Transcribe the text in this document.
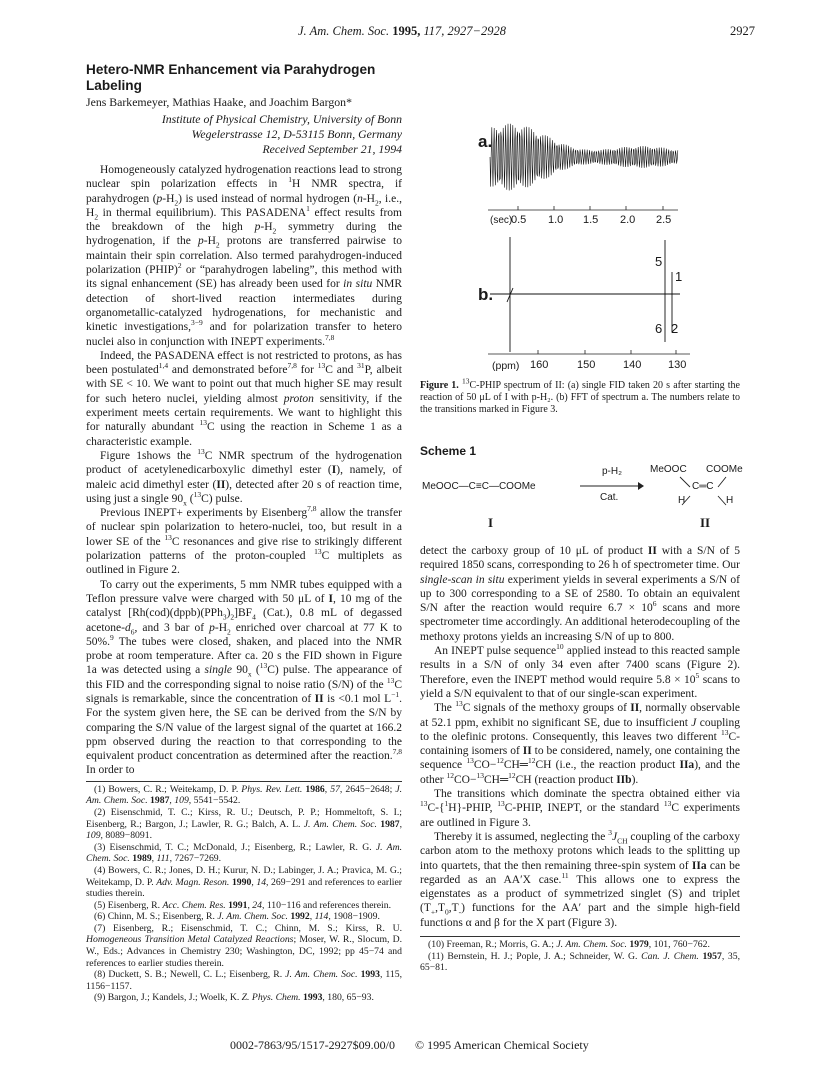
J. Am. Chem. Soc. 1995, 117, 2927−2928	2927
Hetero-NMR Enhancement via Parahydrogen Labeling

Jens Barkemeyer, Mathias Haake, and Joachim Bargon*

Institute of Physical Chemistry, University of Bonn
Wegelerstrasse 12, D-53115 Bonn, Germany

Received September 21, 1994

Homogeneously catalyzed hydrogenation reactions lead to strong nuclear spin polarization effects in $^1$H NMR spectra, if parahydrogen $(p-H_2)$ is used instead of normal hydrogen ($n-H_2$, i.e., $H_2$ in thermal equilibrium). This PASADENA$^1$ effect results from the breakdown of the high $p-H_2$ symmetry during the hydrogenation, if the $p-H_2$ protons are transferred pairwise to maintain their spin correlation. Also termed parahydrogen-induced polarization (PHIP)$^2$ or “parahydrogen labeling”, this method with its signal enhancement (SE) has already been used for in situ NMR detection of short-lived reaction intermediates during organometallic-catalyzed hydrogenations, for mechanistic and kinetic investigations,$^{3-9}$ and for polarization transfer to hetero nuclei also in conjunction with INEPT experiments.$^{7,8}$

Indeed, the PASADENA effect is not restricted to protons, as has been postulated$^{1,4}$ and demonstrated before$^{7,8}$ for $^{13}$C and $^{31}$P, albeit with SE < 10. We want to point out that much higher SE may result for such hetero nuclei, yielding almost proton sensitivity, if the experiment meets certain requirements. We want to highlight this for naturally abundant $^{13}$C using the reaction in Scheme 1 as a characteristic example.

Figure 1shows the $^{13}$C NMR spectrum of the hydrogenation product of acetylenedicarboxylic dimethyl ester (I), namely, of maleic acid dimethyl ester (II), detected after 20 s of reaction time, using just a single $90_x$ ($^{13}$C) pulse.

Previous INEPT+ experiments by Eisenberg$^{7,8}$ allow the transfer of nuclear spin polarization to hetero-nuclei, too, but result in a lower SE of the $^{13}$C resonances and give rise to strikingly different polarization patterns of the proton-coupled $^{13}$C multiplets as outlined in Figure 2.

To carry out the experiments, 5 mm NMR tubes equipped with a Teflon pressure valve were charged with 50 μL of I, 10 mg of the catalyst $[Rh(cod)(dppb)(PPh_3)_2]BF_4$ (Cat.), 0.8 mL of degassed acetone-$d_6$, and 3 bar of $p-H_2$ enriched over charcoal at 77 K to 50%.$^9$ The tubes were closed, shaken, and placed into the NMR probe at room temperature. After ca. 20 s the FID shown in Figure 1a was detected using a single $90_x$ ($^{13}$C) pulse. The appearance of this FID and the corresponding signal to noise ratio (S/N) of the $^{13}$C signals is remarkable, since the concentration of II is <0.1 mol $L^{-1}$. For the system given here, the SE can be derived from the S/N by comparing the S/N value of the largest signal of the quartet at 166.2 ppm observed during the reaction to that corresponding to the equivalent product concentration as determined after the reaction.$^{7,8}$ In order to

(1) Bowers, C. R.; Weitekamp, D. P. Phys. Rev. Lett. 1986, 57, 2645−2648; J. Am. Chem. Soc. 1987, 109, 5541−5542.

(2) Eisenschmid, T. C.; Kirss, R. U.; Deutsch, P. P.; Hommeltoft, S. I.; Eisenberg, R.; Bargon, J.; Lawler, R. G.; Balch, A. L. J. Am. Chem. Soc. 1987, 109, 8089−8091.

(3) Eisenschmid, T. C.; McDonald, J.; Eisenberg, R.; Lawler, R. G. J. Am. Chem. Soc. 1989, 111, 7267−7269.

(4) Bowers, C. R.; Jones, D. H.; Kurur, N. D.; Labinger, J. A.; Pravica, M. G.; Weitekamp, D. P. Adv. Magn. Reson. 1990, 14, 269−291 and references to earlier studies therein.

(5) Eisenberg, R. Acc. Chem. Res. 1991, 24, 110−116 and references therein.

(6) Chinn, M. S.; Eisenberg, R. J. Am. Chem. Soc. 1992, 114, 1908−1909.

(7) Eisenberg, R.; Eisenschmid, T. C.; Chinn, M. S.; Kirss, R. U. Homogeneous Transition Metal Catalyzed Reactions; Moser, W. R., Slocum, D. W., Eds.; Advances in Chemistry 230; Washington, DC, 1992; pp 45−74 and references to earlier studies therein.

(8) Duckett, S. B.; Newell, C. L.; Eisenberg, R. J. Am. Chem. Soc. 1993, 115, 1156−1157.

(9) Bargon, J.; Kandels, J.; Woelk, K. Z. Phys. Chem. 1993, 180, 65−93.

a.
b.
(sec)
0.5 1.0 1.5 2.0 2.5
5
1
6 2
(ppm) 160	150	140 130

Figure 1. $^{13}$C-PHIP spectrum of II: (a) single FID taken 20 s after starting the reaction of 50 μL of I with p-H₂. (b) FFT of spectrum a. The numbers relate to the transitions marked in Figure 3.

Scheme 1
MeOOC—C≡C—COOMe
p-H₂
Cat.
MeOOC COOMe
C═C
H	H
I	II

detect the carboxy group of 10 μL of product II with a S/N of 5 required 1850 scans, corresponding to 26 h of spectrometer time. Our single-scan in situ experiment yields in several experiments a S/N of up to 300 corresponding to a SE of 2580. To obtain an equivalent S/N after the reaction would require $6.7 \times 10^6$ scans and more spectrometer time accordingly. An additional heterodecoupling of the methoxy protons yields an increasing S/N of up to 800.

An INEPT pulse sequence$^{10}$ applied instead to this reacted sample results in a S/N of only 34 even after 7400 scans (Figure 2). Therefore, even the INEPT method would require $5.8 \times 10^5$ scans to yield a S/N equivalent to that of our single-scan experiment.

The $^{13}$C signals of the methoxy groups of II, normally observable at 52.1 ppm, exhibit no significant SE, due to insufficient J coupling to the olefinic protons. Consequently, this leaves two different $^{13}$C-containing isomers of II to be considered, namely, one containing the sequence $^{13}$CO−$^{12}$CH═$^{12}$CH (i.e., the reaction product IIa), and the other $^{12}$CO−$^{13}$CH═$^{12}$CH (reaction product IIb).

The transitions which dominate the spectra obtained either via $^{13}$C-{$^1$H}-PHIP, $^{13}$C-PHIP, INEPT, or the standard $^{13}$C experiments are outlined in Figure 3.

Thereby it is assumed, neglecting the $^3J_{CH}$ coupling of the carboxy carbon atom to the methoxy protons which leads to the splitting up into quartets, that the then remaining three-spin system of IIa can be regarded as an AA′X case.$^{11}$ This allows one to express the eigenstates as a product of symmetrized singlet (S) and triplet $(T_+,T_0,T_-)$ functions for the AA′ part and the simple high-field functions α and β for the X part (Figure 3).

(10) Freeman, R.; Morris, G. A.; J. Am. Chem. Soc. 1979, 101, 760−762.

(11) Bernstein, H. J.; Pople, J. A.; Schneider, W. G. Can. J. Chem. 1957, 35, 65−81.

0002-7863/95/1517-2927$09.00/0 © 1995 American Chemical Society
